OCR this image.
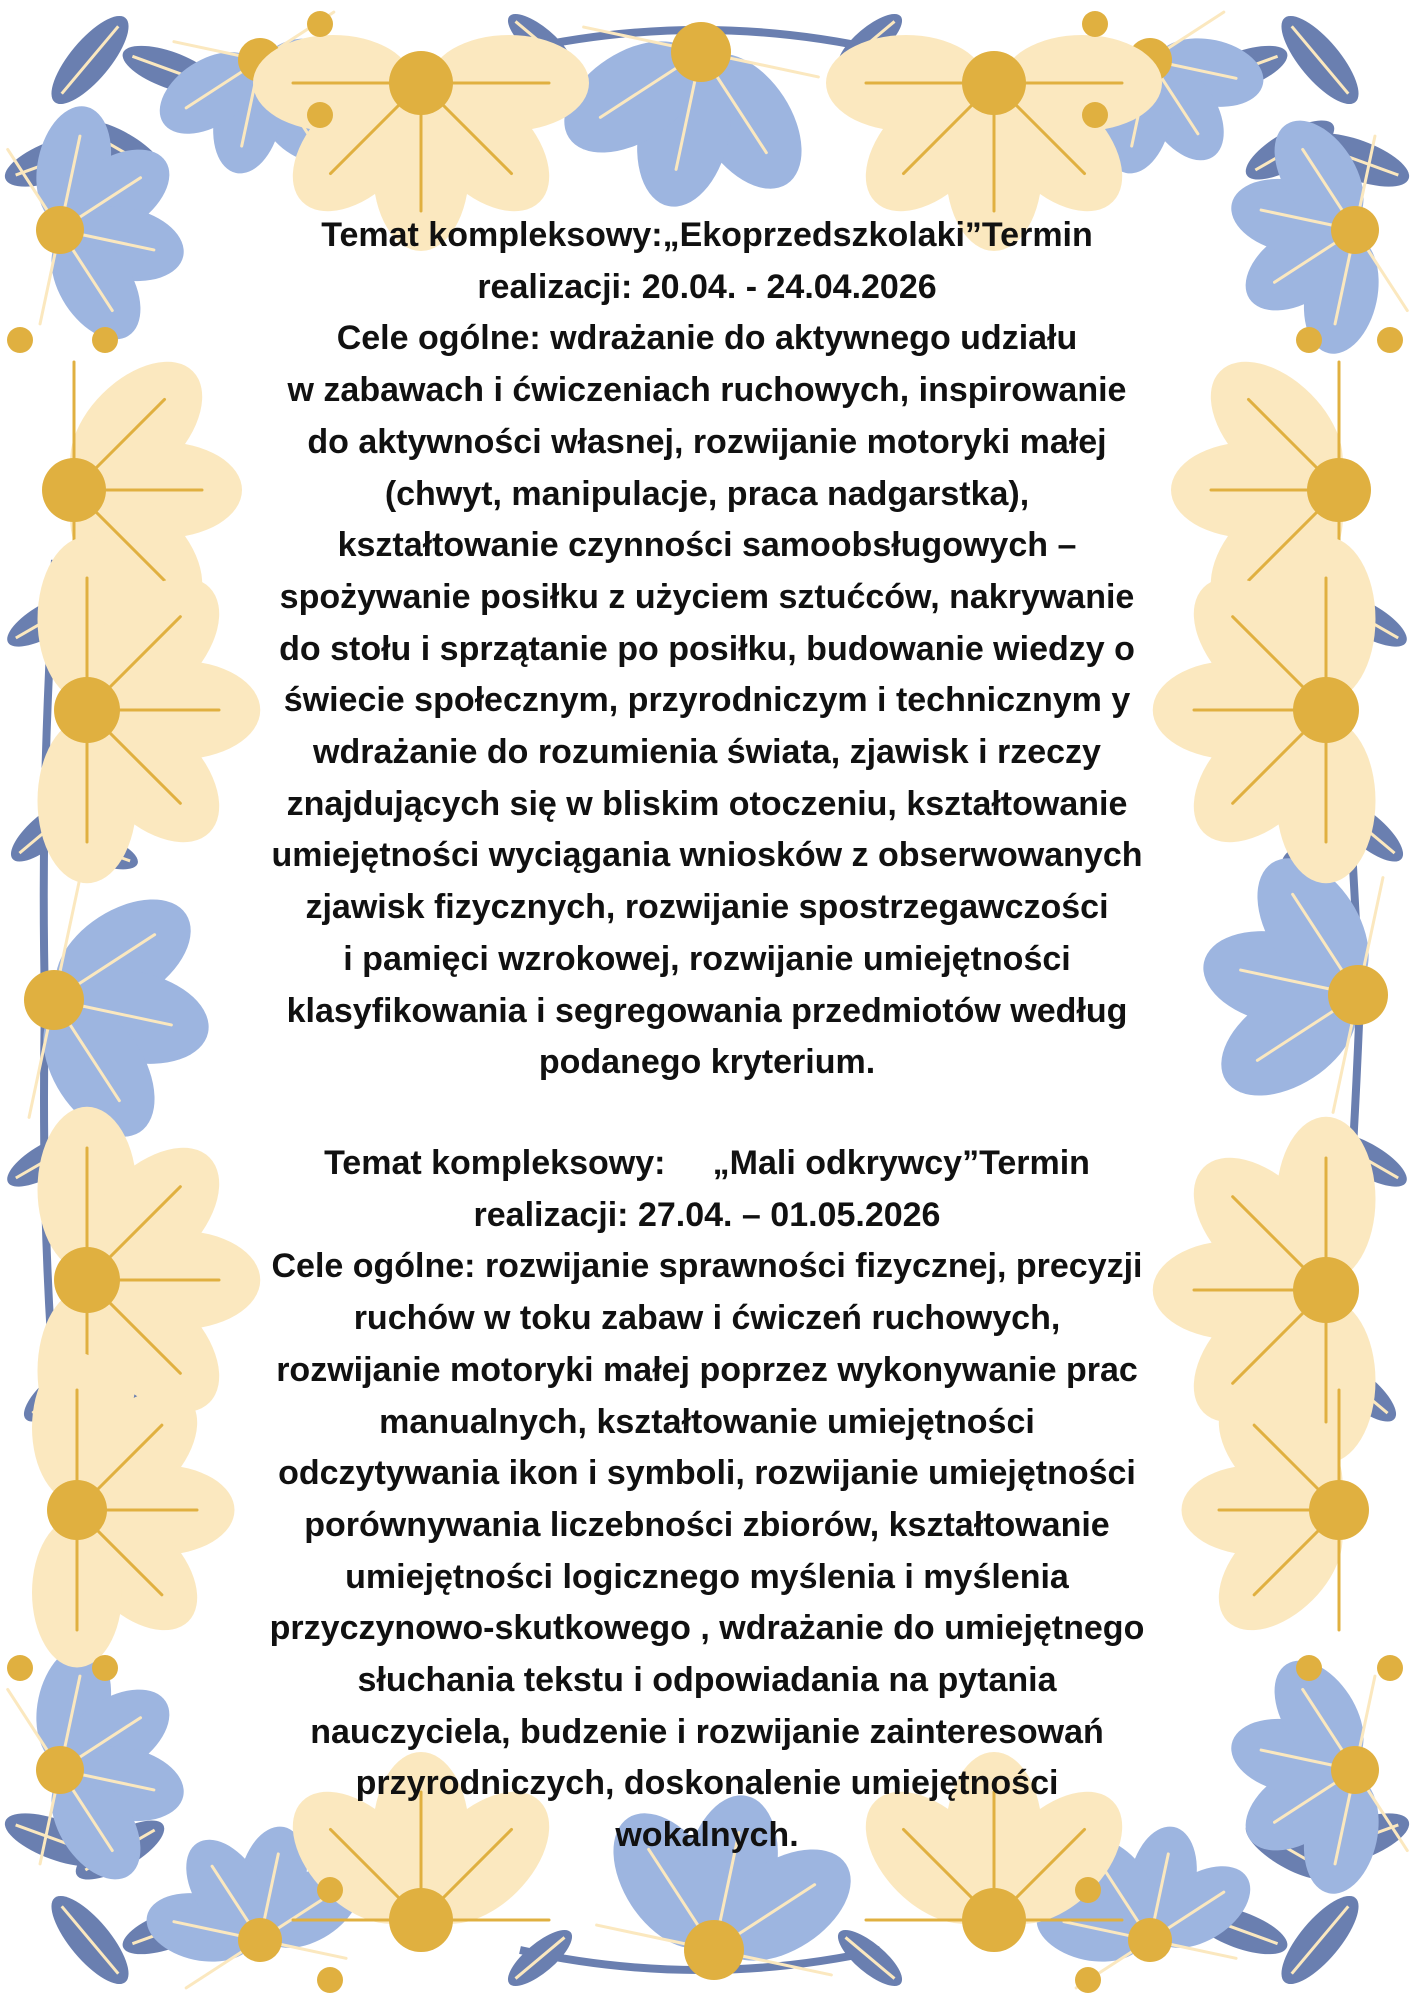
Temat kompleksowy:„Ekoprzedszkolaki”Termin
realizacji: 20.04. - 24.04.2026
Cele ogólne: wdrażanie do aktywnego udziału
w zabawach i ćwiczeniach ruchowych, inspirowanie
do aktywności własnej, rozwijanie motoryki małej
(chwyt, manipulacje, praca nadgarstka),
kształtowanie czynności samoobsługowych –
spożywanie posiłku z użyciem sztućców, nakrywanie
do stołu i sprzątanie po posiłku, budowanie wiedzy o
świecie społecznym, przyrodniczym i technicznym y
wdrażanie do rozumienia świata, zjawisk i rzeczy
znajdujących się w bliskim otoczeniu, kształtowanie
umiejętności wyciągania wniosków z obserwowanych
zjawisk fizycznych, rozwijanie spostrzegawczości
i pamięci wzrokowej, rozwijanie umiejętności
klasyfikowania i segregowania przedmiotów według
podanego kryterium.
Temat kompleksowy:     „Mali odkrywcy”Termin
realizacji: 27.04. – 01.05.2026
Cele ogólne: rozwijanie sprawności fizycznej, precyzji
ruchów w toku zabaw i ćwiczeń ruchowych,
rozwijanie motoryki małej poprzez wykonywanie prac
manualnych, kształtowanie umiejętności
odczytywania ikon i symboli, rozwijanie umiejętności
porównywania liczebności zbiorów, kształtowanie
umiejętności logicznego myślenia i myślenia
przyczynowo-skutkowego , wdrażanie do umiejętnego
słuchania tekstu i odpowiadania na pytania
nauczyciela, budzenie i rozwijanie zainteresowań
przyrodniczych, doskonalenie umiejętności
wokalnych.
